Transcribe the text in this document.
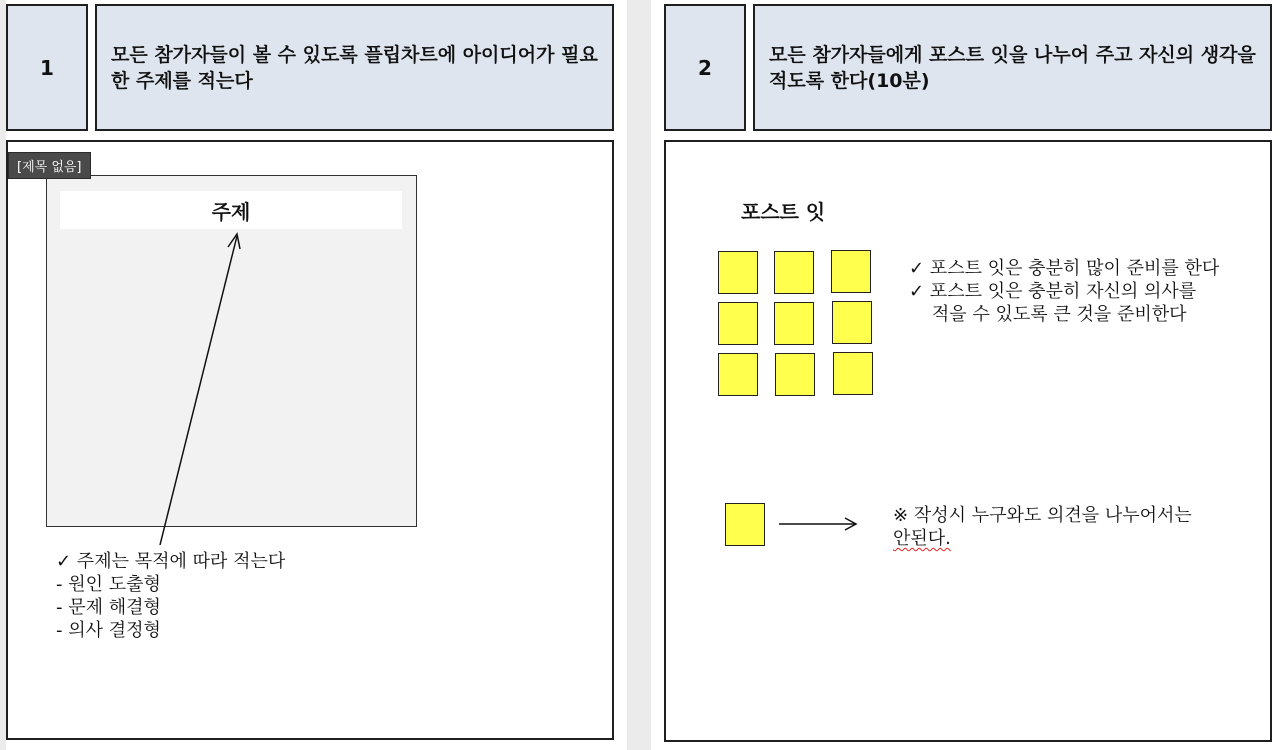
1
모든 참가자들이 볼 수 있도록 플립차트에 아이디어가 필요한 주제를 적는다
주제
[제목 없음]
✓ 주제는 목적에 따라 적는다
- 원인 도출형
- 문제 해결형
- 의사 결정형
2
모든 참가자들에게 포스트 잇을 나누어 주고 자신의 생각을 적도록 한다(10분)
포스트 잇
✓ 포스트 잇은 충분히 많이 준비를 한다
✓ 포스트 잇은 충분히 자신의 의사를
적을 수 있도록 큰 것을 준비한다
※ 작성시 누구와도 의견을 나누어서는
안된다.
